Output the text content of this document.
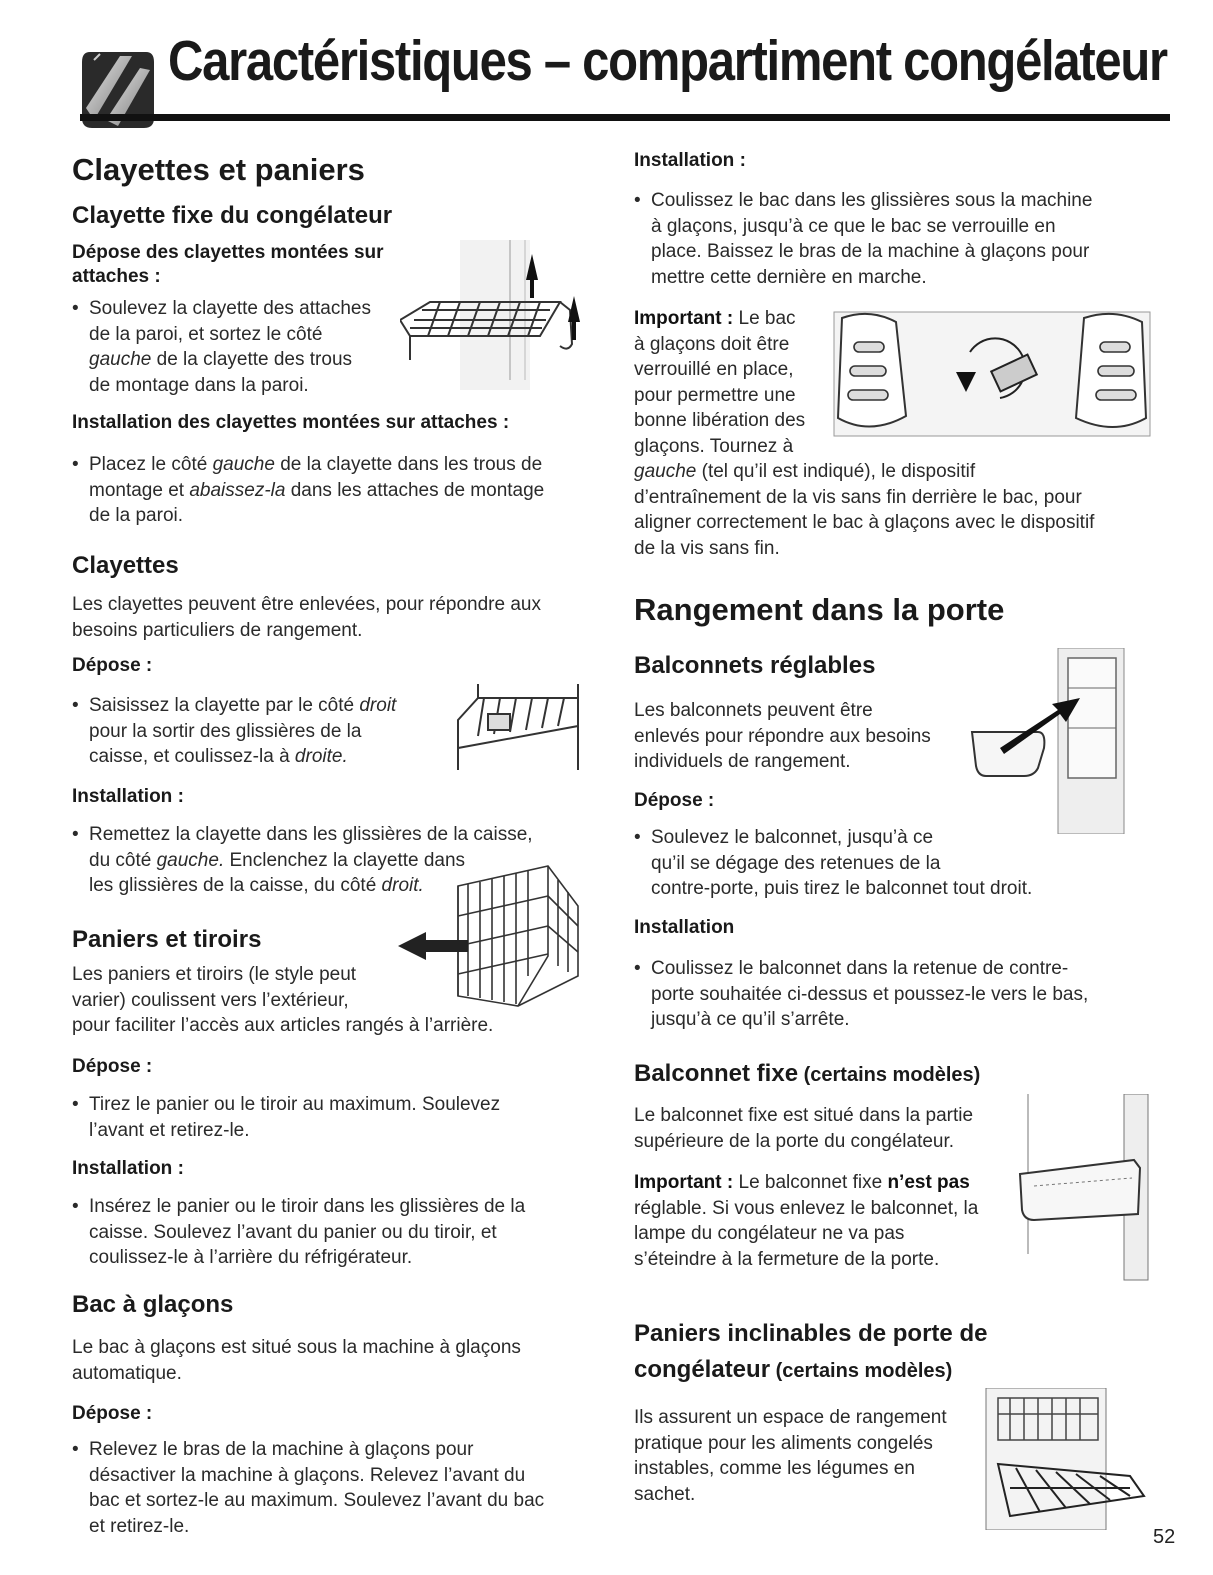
Caractéristiques – compartiment congélateur
Clayettes et paniers
Clayette fixe du congélateur
Dépose des clayettes montées sur
attaches :
• Soulevez la clayette des attaches
de la paroi, et sortez le côté
gauche de la clayette des trous
de montage dans la paroi.
Installation des clayettes montées sur attaches :
• Placez le côté gauche de la clayette dans les trous de
montage et abaissez-la dans les attaches de montage
de la paroi.
Clayettes
Les clayettes peuvent être enlevées, pour répondre aux
besoins particuliers de rangement.
Dépose :
• Saisissez la clayette par le côté droit
pour la sortir des glissières de la
caisse, et coulissez-la à droite.
Installation :
• Remettez la clayette dans les glissières de la caisse,
du côté gauche. Enclenchez la clayette dans
les glissières de la caisse, du côté droit.
Paniers et tiroirs
Les paniers et tiroirs (le style peut
varier) coulissent vers l’extérieur,
pour faciliter l’accès aux articles rangés à l’arrière.
Dépose :
• Tirez le panier ou le tiroir au maximum. Soulevez
l’avant et retirez-le.
Installation :
• Insérez le panier ou le tiroir dans les glissières de la
caisse. Soulevez l’avant du panier ou du tiroir, et
coulissez-le à l’arrière du réfrigérateur.
Bac à glaçons
Le bac à glaçons est situé sous la machine à glaçons
automatique.
Dépose :
• Relevez le bras de la machine à glaçons pour
désactiver la machine à glaçons. Relevez l’avant du
bac et sortez-le au maximum. Soulevez l’avant du bac
et retirez-le.
Installation :
• Coulissez le bac dans les glissières sous la machine
à glaçons, jusqu’à ce que le bac se verrouille en
place. Baissez le bras de la machine à glaçons pour
mettre cette dernière en marche.
Important : Le bac
à glaçons doit être
verrouillé en place,
pour permettre une
bonne libération des
glaçons. Tournez à
gauche (tel qu’il est indiqué), le dispositif
d’entraînement de la vis sans fin derrière le bac, pour
aligner correctement le bac à glaçons avec le dispositif
de la vis sans fin.
Rangement dans la porte
Balconnets réglables
Les balconnets peuvent être
enlevés pour répondre aux besoins
individuels de rangement.
Dépose :
• Soulevez le balconnet, jusqu’à ce
qu’il se dégage des retenues de la
contre-porte, puis tirez le balconnet tout droit.
Installation
• Coulissez le balconnet dans la retenue de contre-
porte souhaitée ci-dessus et poussez-le vers le bas,
jusqu’à ce qu’il s’arrête.
Balconnet fixe (certains modèles)
Le balconnet fixe est situé dans la partie
supérieure de la porte du congélateur.
Important : Le balconnet fixe n’est pas
réglable. Si vous enlevez le balconnet, la
lampe du congélateur ne va pas
s’éteindre à la fermeture de la porte.
Paniers inclinables de porte de
congélateur (certains modèles)
Ils assurent un espace de rangement
pratique pour les aliments congelés
instables, comme les légumes en
sachet.
52
